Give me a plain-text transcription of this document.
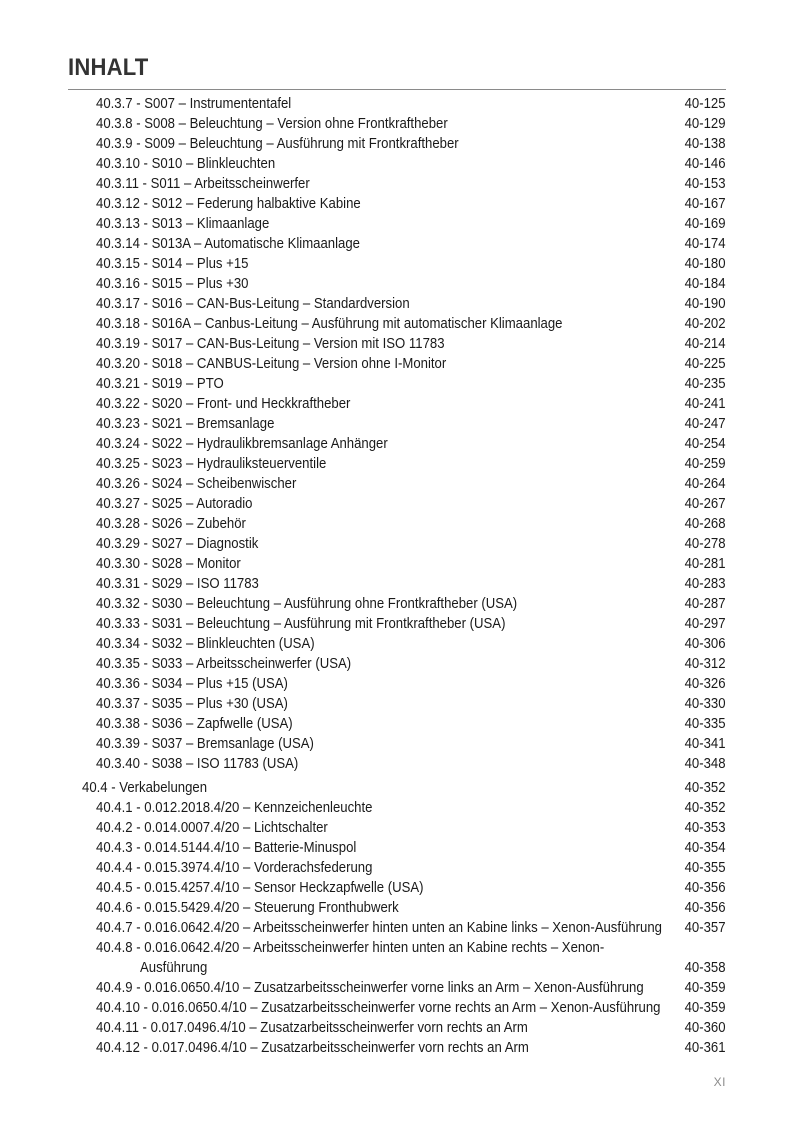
INHALT
40.3.7 - S007 – Instrumententafel	40-125
40.3.8 - S008 – Beleuchtung – Version ohne Frontkraftheber	40-129
40.3.9 - S009 – Beleuchtung – Ausführung mit Frontkraftheber	40-138
40.3.10 - S010 – Blinkleuchten	40-146
40.3.11 - S011 – Arbeitsscheinwerfer	40-153
40.3.12 - S012 – Federung halbaktive Kabine	40-167
40.3.13 - S013 – Klimaanlage	40-169
40.3.14 - S013A – Automatische Klimaanlage	40-174
40.3.15 - S014 – Plus +15	40-180
40.3.16 - S015 – Plus +30	40-184
40.3.17 - S016 – CAN-Bus-Leitung – Standardversion	40-190
40.3.18 - S016A – Canbus-Leitung – Ausführung mit automatischer Klimaanlage	40-202
40.3.19 - S017 – CAN-Bus-Leitung – Version mit ISO 11783	40-214
40.3.20 - S018 – CANBUS-Leitung – Version ohne I-Monitor	40-225
40.3.21 - S019 – PTO	40-235
40.3.22 - S020 – Front- und Heckkraftheber	40-241
40.3.23 - S021 – Bremsanlage	40-247
40.3.24 - S022 – Hydraulikbremsanlage Anhänger	40-254
40.3.25 - S023 – Hydrauliksteuerventile	40-259
40.3.26 - S024 – Scheibenwischer	40-264
40.3.27 - S025 – Autoradio	40-267
40.3.28 - S026 – Zubehör	40-268
40.3.29 - S027 – Diagnostik	40-278
40.3.30 - S028 – Monitor	40-281
40.3.31 - S029 – ISO 11783	40-283
40.3.32 - S030 – Beleuchtung – Ausführung ohne Frontkraftheber (USA)	40-287
40.3.33 - S031 – Beleuchtung – Ausführung mit Frontkraftheber (USA)	40-297
40.3.34 - S032 – Blinkleuchten (USA)	40-306
40.3.35 - S033 – Arbeitsscheinwerfer (USA)	40-312
40.3.36 - S034 – Plus +15 (USA)	40-326
40.3.37 - S035 – Plus +30 (USA)	40-330
40.3.38 - S036 – Zapfwelle (USA)	40-335
40.3.39 - S037 – Bremsanlage (USA)	40-341
40.3.40 - S038 – ISO 11783 (USA)	40-348
40.4 - Verkabelungen	40-352
40.4.1 - 0.012.2018.4/20 – Kennzeichenleuchte	40-352
40.4.2 - 0.014.0007.4/20 – Lichtschalter	40-353
40.4.3 - 0.014.5144.4/10 – Batterie-Minuspol	40-354
40.4.4 - 0.015.3974.4/10 – Vorderachsfederung	40-355
40.4.5 - 0.015.4257.4/10 – Sensor Heckzapfwelle (USA)	40-356
40.4.6 - 0.015.5429.4/20 – Steuerung Fronthubwerk	40-356
40.4.7 - 0.016.0642.4/20 – Arbeitsscheinwerfer hinten unten an Kabine links – Xenon-Ausführung 40-357
40.4.8 - 0.016.0642.4/20 – Arbeitsscheinwerfer hinten unten an Kabine rechts – Xenon-
Ausführung	40-358
40.4.9 - 0.016.0650.4/10 – Zusatzarbeitsscheinwerfer vorne links an Arm – Xenon-Ausführung	40-359
40.4.10 - 0.016.0650.4/10 – Zusatzarbeitsscheinwerfer vorne rechts an Arm – Xenon-Ausführung 40-359
40.4.11 - 0.017.0496.4/10 – Zusatzarbeitsscheinwerfer vorn rechts an Arm	40-360
40.4.12 - 0.017.0496.4/10 – Zusatzarbeitsscheinwerfer vorn rechts an Arm	40-361
XI
